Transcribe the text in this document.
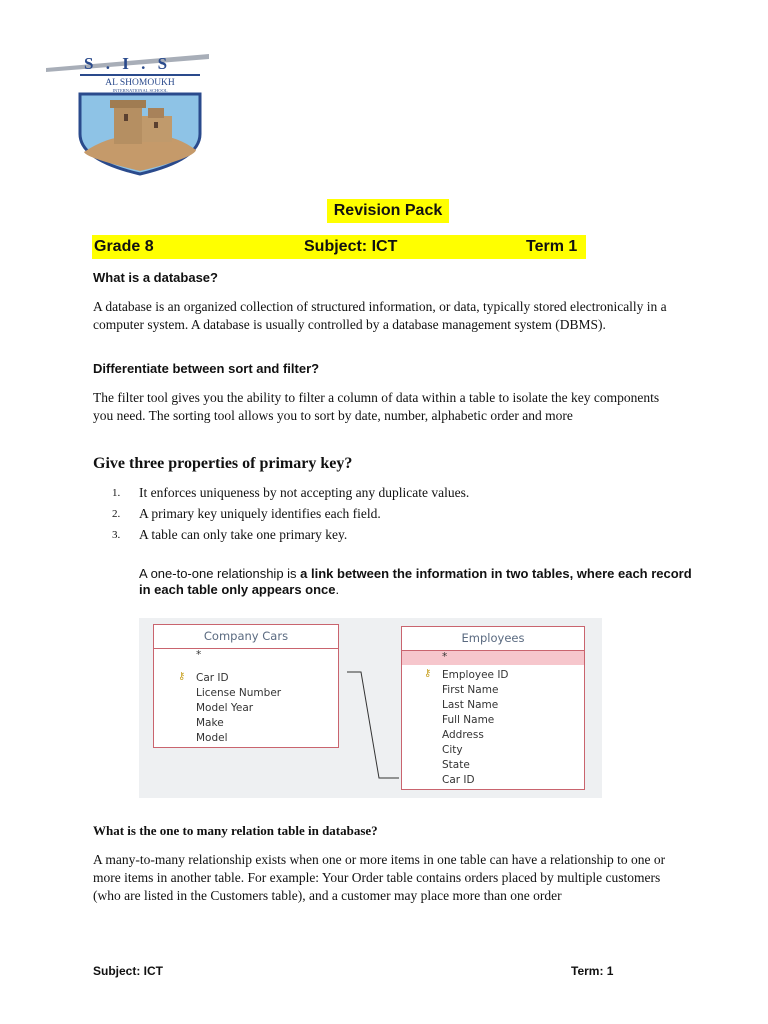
S . I . S
AL SHOMOUKH
INTERNATIONAL SCHOOL
Revision Pack
Grade 8	Subject: ICT	Term 1
What is a database?
A database is an organized collection of structured information, or data, typically stored electronically in a computer system. A database is usually controlled by a database management system (DBMS).
Differentiate between sort and filter?
The filter tool gives you the ability to filter a column of data within a table to isolate the key components you need. The sorting tool allows you to sort by date, number, alphabetic order and more
Give three properties of primary key?
1. It enforces uniqueness by not accepting any duplicate values.
2. A primary key uniquely identifies each field.
3. A table can only take one primary key.
A one-to-one relationship is a link between the information in two tables, where each record in each table only appears once.
Company Cars
*
⚷ Car ID
License Number
Model Year
Make
Model
Employees
*
⚷ Employee ID
First Name
Last Name
Full Name
Address
City
State
Car ID
What is the one to many relation table in database?
A many-to-many relationship exists when one or more items in one table can have a relationship to one or more items in another table. For example: Your Order table contains orders placed by multiple customers (who are listed in the Customers table), and a customer may place more than one order
Subject: ICT	Term: 1
